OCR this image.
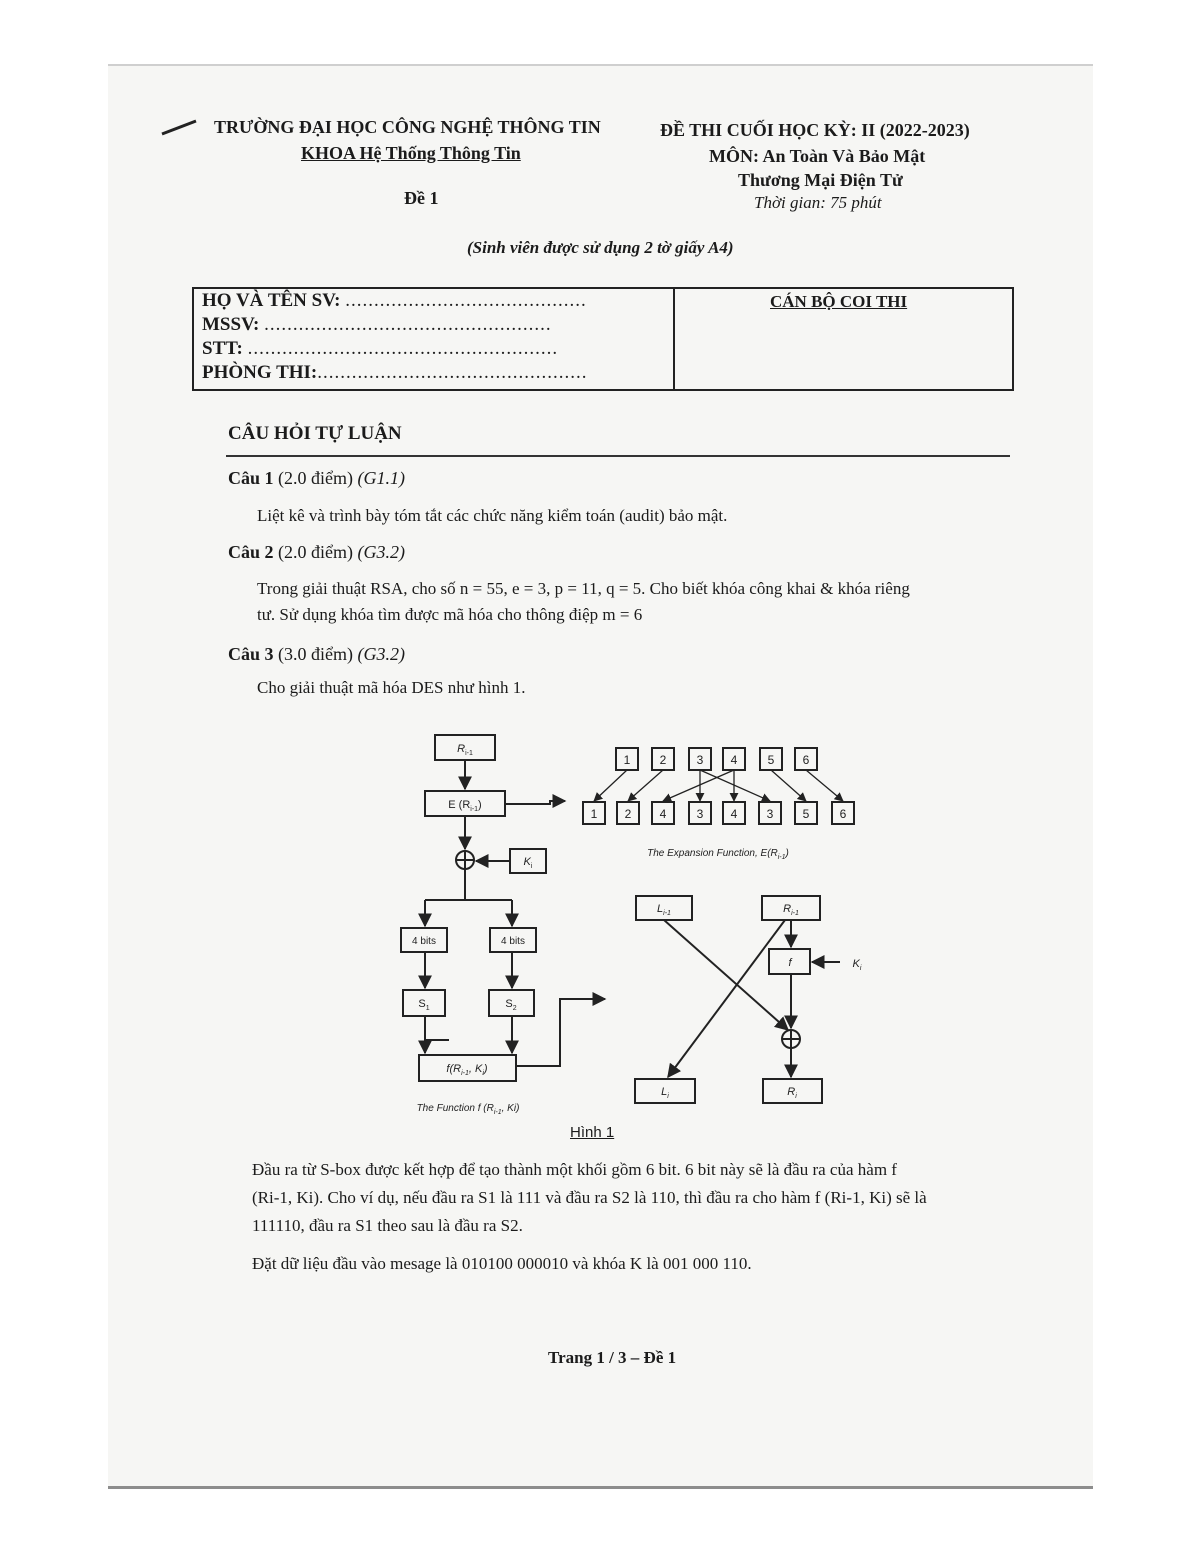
TRƯỜNG ĐẠI HỌC CÔNG NGHỆ THÔNG TIN
KHOA Hệ Thống Thông Tin
Đề 1
ĐỀ THI CUỐI HỌC KỲ: II (2022-2023)
MÔN: An Toàn Và Bảo Mật
Thương Mại Điện Tử
Thời gian: 75 phút
(Sinh viên được sử dụng 2 tờ giấy A4)
HỌ VÀ TÊN SV: ..........................................
MSSV: ..................................................
STT: ......................................................
PHÒNG THI:...............................................
CÁN BỘ COI THI
CÂU HỎI TỰ LUẬN
Câu 1 (2.0 điểm) (G1.1)
Liệt kê và trình bày tóm tắt các chức năng kiểm toán (audit) bảo mật.
Câu 2 (2.0 điểm) (G3.2)
Trong giải thuật RSA, cho số n = 55, e = 3, p = 11, q = 5. Cho biết khóa công khai & khóa riêng
tư. Sử dụng khóa tìm được mã hóa cho thông điệp m = 6
Câu 3 (3.0 điểm) (G3.2)
Cho giải thuật mã hóa DES như hình 1.
$R_{i-1}$
E $(R_{i-1})$
$K_i$
4 bits	4 bits
$S_1$	$S_2$
$f(R_{i-1}$, $K_i$)
The Function f ($R_{i-1}$, Ki)
1 2	3 4	5 6
1 2 4	3 4 3 5	6
The Expansion Function, $E(R_{i-1})$
$L_{i-1}$	$R_{i-1}$
f	$K_i$
$L_i$	$R_i$
Hình 1
Đầu ra từ S-box được kết hợp để tạo thành một khối gồm 6 bit. 6 bit này sẽ là đầu ra của hàm f
(Ri-1, Ki). Cho ví dụ, nếu đầu ra S1 là 111 và đầu ra S2 là 110, thì đầu ra cho hàm f (Ri-1, Ki) sẽ là
111110, đầu ra S1 theo sau là đầu ra S2.
Đặt dữ liệu đầu vào mesage là 010100 000010 và khóa K là 001 000 110.
Trang 1 / 3 – Đề 1
